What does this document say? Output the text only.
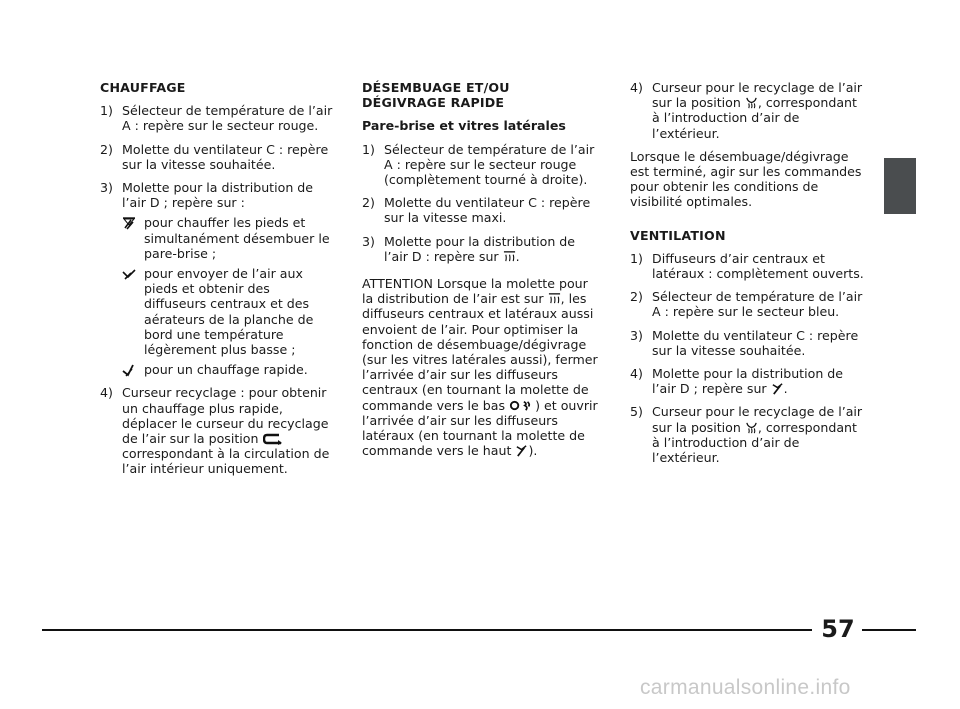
CHAUFFAGE
1) Sélecteur de température de l’air A : repère sur le secteur rouge.
2) Molette du ventilateur C : repère sur la vitesse souhaitée.
3) Molette pour la distribution de l’air D ; repère sur :
pour chauffer les pieds et simultanément désembuer le pare-brise ;
pour envoyer de l’air aux pieds et obtenir des diffuseurs centraux et des aérateurs de la planche de bord une température légèrement plus basse ;
pour un chauffage rapide.
4) Curseur recyclage : pour obtenir un chauffage plus rapide, déplacer le curseur du recyclage de l’air sur la position  correspondant à la circulation de l’air intérieur uniquement.
DÉSEMBUAGE ET/OU
DÉGIVRAGE RAPIDE
Pare-brise et vitres latérales
1) Sélecteur de température de l’air A : repère sur le secteur rouge (complètement tourné à droite).
2) Molette du ventilateur C : repère sur la vitesse maxi.
3) Molette pour la distribution de l’air D : repère sur .
ATTENTION Lorsque la molette pour la distribution de l’air est sur , les diffuseurs centraux et latéraux aussi envoient de l’air. Pour optimiser la fonction de désembuage/dégivrage (sur les vitres latérales aussi), fermer l’arrivée d’air sur les diffuseurs centraux (en tournant la molette de commande vers le bas ) et ouvrir l’arrivée d’air sur les diffuseurs latéraux (en tournant la molette de commande vers le haut ).
4) Curseur pour le recyclage de l’air sur la position , correspondant à l’introduction d’air de l’extérieur.
Lorsque le désembuage/dégivrage est terminé, agir sur les commandes pour obtenir les conditions de visibilité optimales.
VENTILATION
1) Diffuseurs d’air centraux et latéraux : complètement ouverts.
2) Sélecteur de température de l’air A : repère sur le secteur bleu.
3) Molette du ventilateur C : repère sur la vitesse souhaitée.
4) Molette pour la distribution de l’air D ; repère sur .
5) Curseur pour le recyclage de l’air sur la position , correspondant à l’introduction d’air de l’extérieur.
57
carmanualsonline.info
